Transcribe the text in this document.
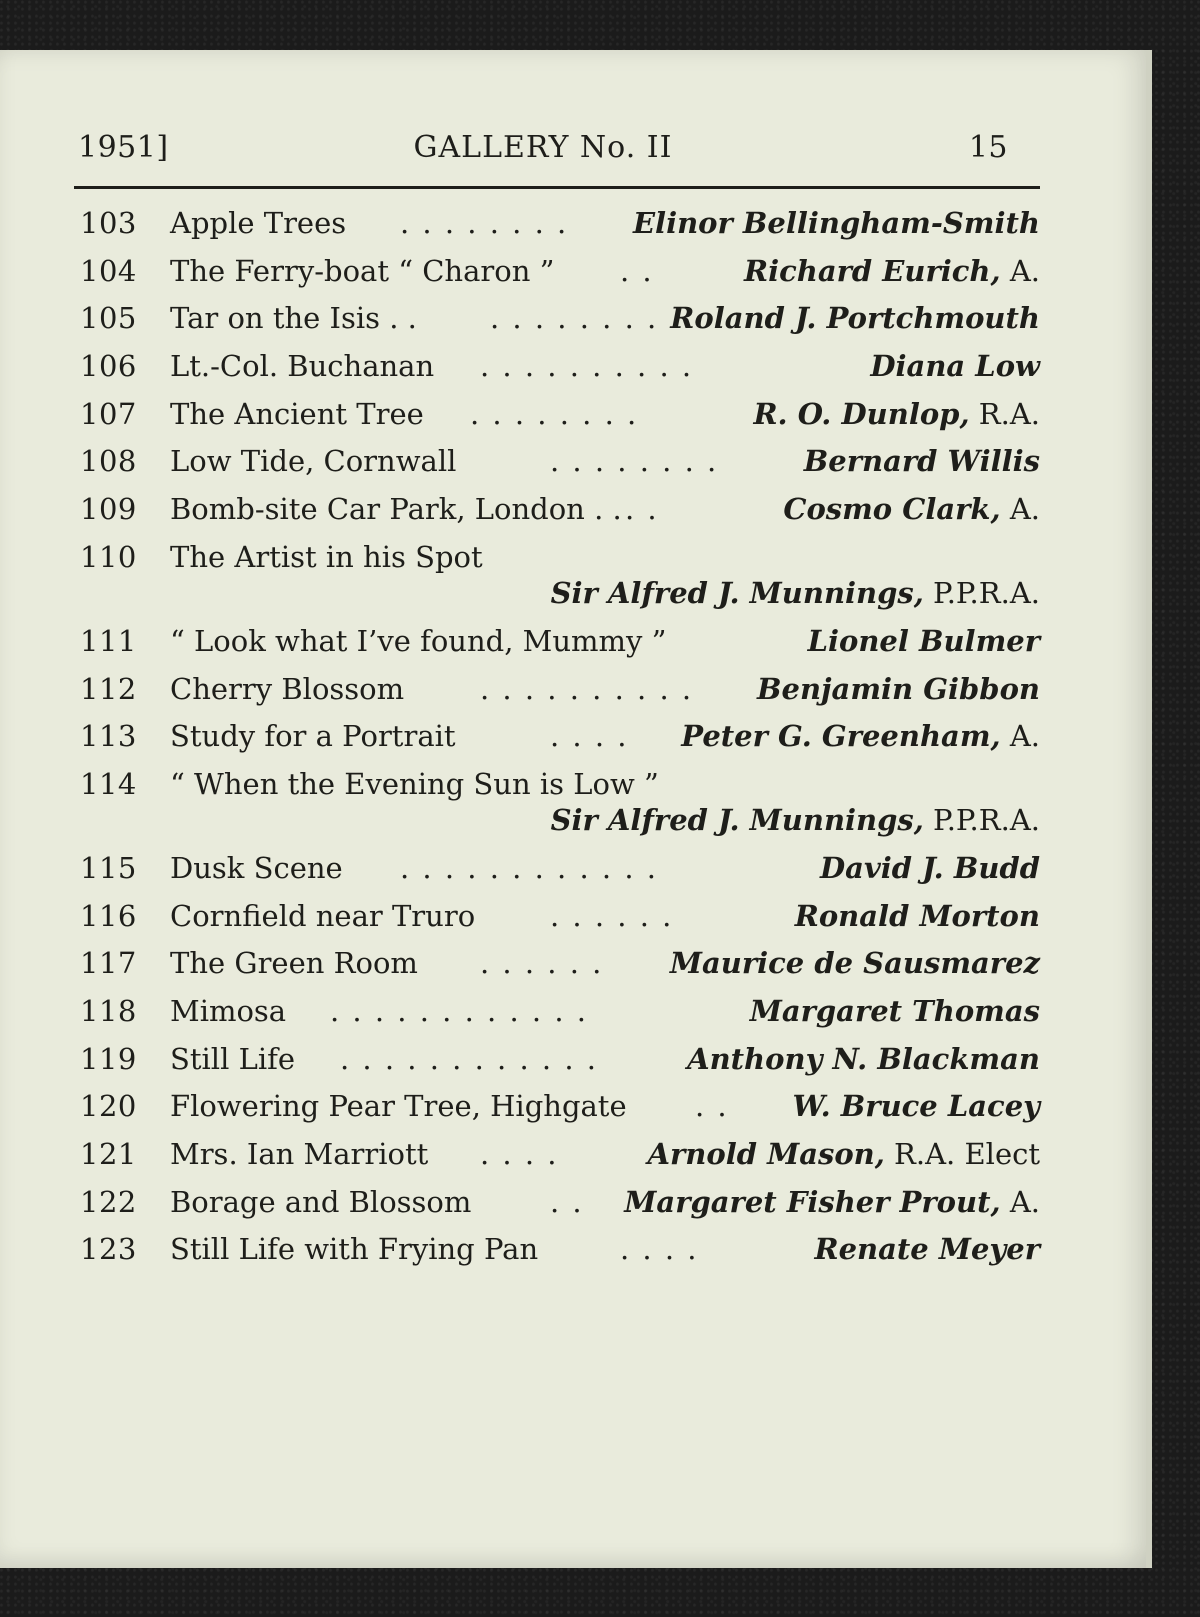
1951]	GALLERY No. II	15
103	Apple Trees . . . . . . . . Elinor Bellingham-Smith
104	The Ferry-boat “ Charon ” . .	Richard Eurich, A.
105	Tar on the Isis . .	. . . . . . . . Roland J. Portchmouth
106	Lt.-Col. Buchanan . . . . . . . . . .	Diana Low
107	The Ancient Tree . . . . . . . .	R. O. Dunlop, R.A.
108	Low Tide, Cornwall	. . . . . . . .	Bernard Willis
109	Bomb-site Car Park, London . . . .	Cosmo Clark, A.
110	The Artist in his Spot
Sir Alfred J. Munnings, P.P.R.A.
111	“ Look what I’ve found, Mummy ”	Lionel Bulmer
112	Cherry Blossom	. . . . . . . . . . Benjamin Gibbon
113	Study for a Portrait	. . . . Peter G. Greenham, A.
114	“ When the Evening Sun is Low ”
Sir Alfred J. Munnings, P.P.R.A.
115	Dusk Scene . . . . . . . . . . . .	David J. Budd
116	Cornfield near Truro	. . . . . .	Ronald Morton
117	The Green Room . . . . . . Maurice de Sausmarez
118	Mimosa . . . . . . . . . . . .	Margaret Thomas
119	Still Life . . . . . . . . . . . .	Anthony N. Blackman
120	Flowering Pear Tree, Highgate . . W. Bruce Lacey
121	Mrs. Ian Marriott . . . .	Arnold Mason, R.A. Elect
122	Borage and Blossom	. . Margaret Fisher Prout, A.
123	Still Life with Frying Pan	. . . .	Renate Meyer
